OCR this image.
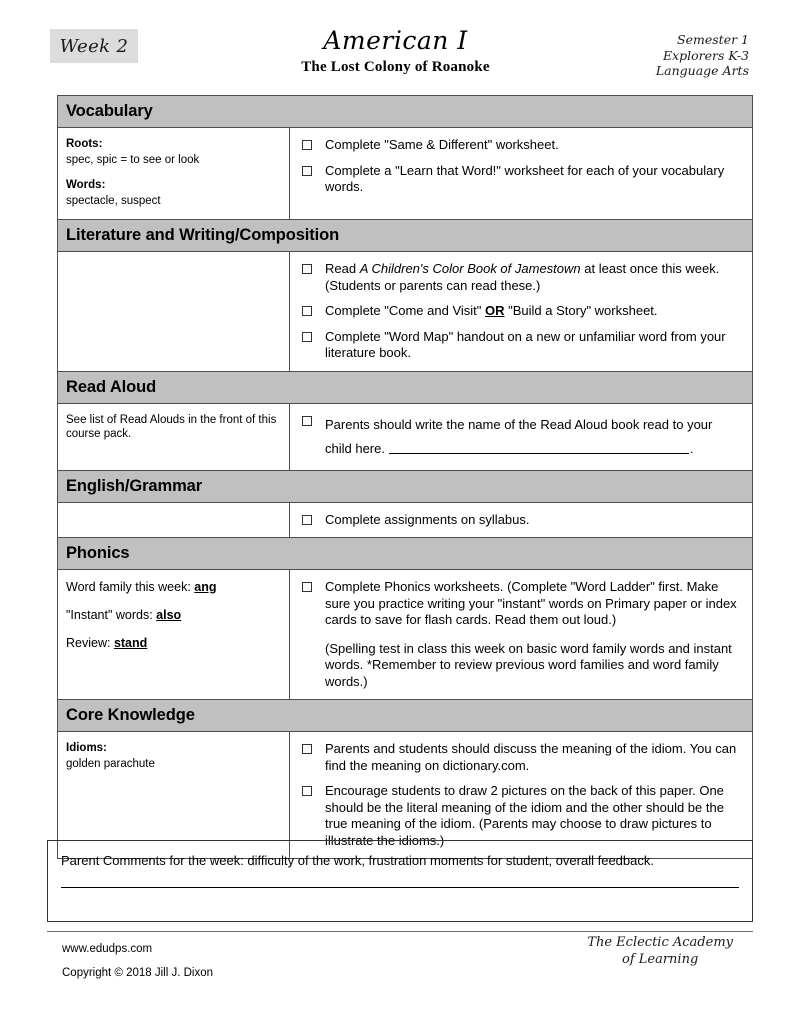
Week 2	American I
The Lost Colony of Roanoke
Semester 1
Explorers K-3
Language Arts
Vocabulary
Roots:
spec, spic = to see or look
Words:
spectacle, suspect
Complete "Same & Different" worksheet.
Complete a "Learn that Word!" worksheet for each of your vocabulary words.
Literature and Writing/Composition
Read A Children's Color Book of Jamestown at least once this week. (Students or parents can read these.)
Complete "Come and Visit" OR "Build a Story" worksheet.
Complete "Word Map" handout on a new or unfamiliar word from your literature book.
Read Aloud
See list of Read Alouds in the front of this course pack.
Parents should write the name of the Read Aloud book read to your child here.	.
English/Grammar
Complete assignments on syllabus.
Phonics
Word family this week: ang
"Instant" words: also
Review: stand
Complete Phonics worksheets. (Complete "Word Ladder" first. Make sure you practice writing your "instant" words on Primary paper or index cards to save for flash cards. Read them out loud.)
(Spelling test in class this week on basic word family words and instant words. *Remember to review previous word families and word family words.)
Core Knowledge
Idioms:
golden parachute
Parents and students should discuss the meaning of the idiom. You can find the meaning on dictionary.com.
Encourage students to draw 2 pictures on the back of this paper. One should be the literal meaning of the idiom and the other should be the true meaning of the idiom. (Parents may choose to draw pictures to illustrate the idioms.)
Parent Comments for the week: difficulty of the work, frustration moments for student, overall feedback.
www.edudps.com
Copyright © 2018 Jill J. Dixon
The Eclectic Academy
of Learning
